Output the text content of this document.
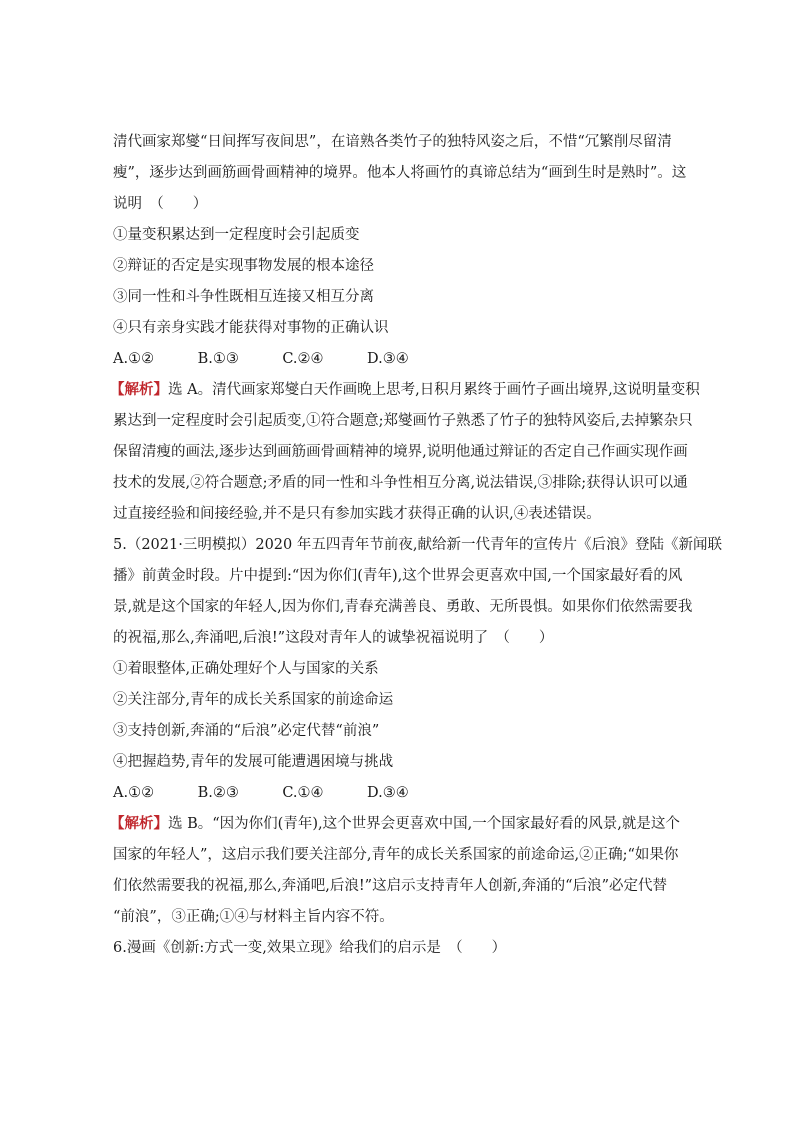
清代画家郑燮“日间挥写夜间思”，在谙熟各类竹子的独特风姿之后，不惜“冗繁削尽留清
瘦”，逐步达到画筋画骨画精神的境界。他本人将画竹的真谛总结为“画到生时是熟时”。这
说明　（　　）
①量变积累达到一定程度时会引起质变
②辩证的否定是实现事物发展的根本途径
③同一性和斗争性既相互连接又相互分离
④只有亲身实践才能获得对事物的正确认识
A.①②　　　B.①③　　　C.②④　　　D.③④
【解析】选 A。清代画家郑燮白天作画晚上思考,日积月累终于画竹子画出境界,这说明量变积
累达到一定程度时会引起质变,①符合题意;郑燮画竹子熟悉了竹子的独特风姿后,去掉繁杂只
保留清瘦的画法,逐步达到画筋画骨画精神的境界,说明他通过辩证的否定自己作画实现作画
技术的发展,②符合题意;矛盾的同一性和斗争性相互分离,说法错误,③排除;获得认识可以通
过直接经验和间接经验,并不是只有参加实践才获得正确的认识,④表述错误。
5.（2021·三明模拟）2020 年五四青年节前夜,献给新一代青年的宣传片《后浪》登陆《新闻联
播》前黄金时段。片中提到:“因为你们(青年),这个世界会更喜欢中国,一个国家最好看的风
景,就是这个国家的年轻人,因为你们,青春充满善良、勇敢、无所畏惧。如果你们依然需要我
的祝福,那么,奔涌吧,后浪!”这段对青年人的诚挚祝福说明了　（　　）
①着眼整体,正确处理好个人与国家的关系
②关注部分,青年的成长关系国家的前途命运
③支持创新,奔涌的“后浪”必定代替“前浪”
④把握趋势,青年的发展可能遭遇困境与挑战
A.①②　　　B.②③　　　C.①④　　　D.③④
【解析】选 B。“因为你们(青年),这个世界会更喜欢中国,一个国家最好看的风景,就是这个
国家的年轻人”，这启示我们要关注部分,青年的成长关系国家的前途命运,②正确;“如果你
们依然需要我的祝福,那么,奔涌吧,后浪!”这启示支持青年人创新,奔涌的“后浪”必定代替
“前浪”，③正确;①④与材料主旨内容不符。
6.漫画《创新:方式一变,效果立现》给我们的启示是　（　　）
